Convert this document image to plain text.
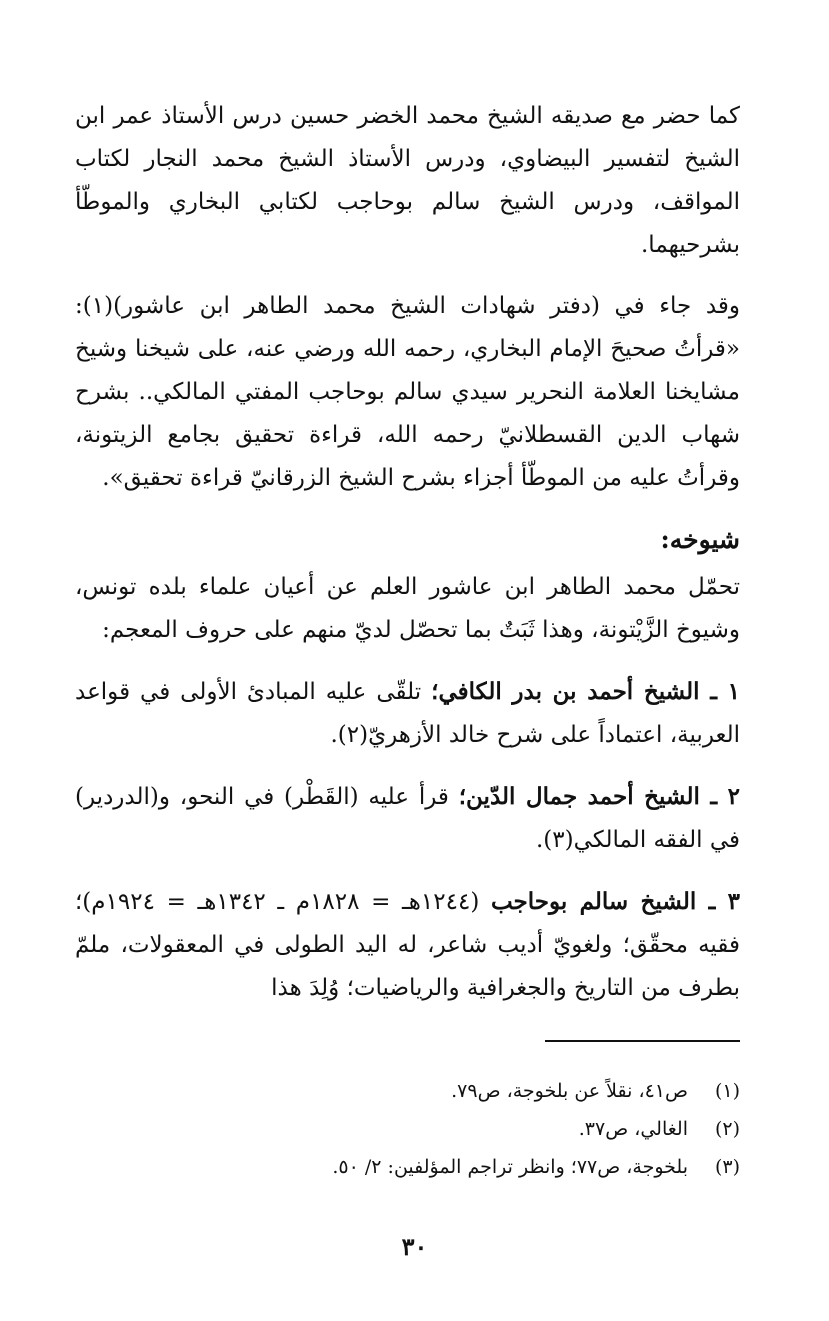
كما حضر مع صديقه الشيخ محمد الخضر حسين درس الأستاذ عمر ابن الشيخ لتفسير البيضاوي، ودرس الأستاذ الشيخ محمد النجار لكتاب المواقف، ودرس الشيخ سالم بوحاجب لكتابي البخاري والموطّأ بشرحيهما.

وقد جاء في (دفتر شهادات الشيخ محمد الطاهر ابن عاشور)(١): «قرأتُ صحيحَ الإمام البخاري، رحمه الله ورضي عنه، على شيخنا وشيخ مشايخنا العلامة النحرير سيدي سالم بوحاجب المفتي المالكي.. بشرح شهاب الدين القسطلانيّ رحمه الله، قراءة تحقيق بجامع الزيتونة، وقرأتُ عليه من الموطّأ أجزاء بشرح الشيخ الزرقانيّ قراءة تحقيق».

شيوخه:

تحمّل محمد الطاهر ابن عاشور العلم عن أعيان علماء بلده تونس، وشيوخ الزَّيْتونة، وهذا ثَبَتٌ بما تحصّل لديّ منهم على حروف المعجم:

١ ـ الشيخ أحمد بن بدر الكافي؛ تلقّى عليه المبادئ الأولى في قواعد العربية، اعتماداً على شرح خالد الأزهريّ(٢).

٢ ـ الشيخ أحمد جمال الدّين؛ قرأ عليه (القَطْر) في النحو، و(الدردير) في الفقه المالكي(٣).

٣ ـ الشيخ سالم بوحاجب (١٢٤٤هـ = ١٨٢٨م ـ ١٣٤٢هـ = ١٩٢٤م)؛ فقيه محقّق؛ ولغويّ أديب شاعر، له اليد الطولى في المعقولات، ملمّ بطرف من التاريخ والجغرافية والرياضيات؛ وُلِدَ هذا

(١)ص٤١، نقلاً عن بلخوجة، ص٧٩.
(٢)الغالي، ص٣٧.
(٣)بلخوجة، ص٧٧؛ وانظر تراجم المؤلفين: ٢/ ٥٠.
٣٠
